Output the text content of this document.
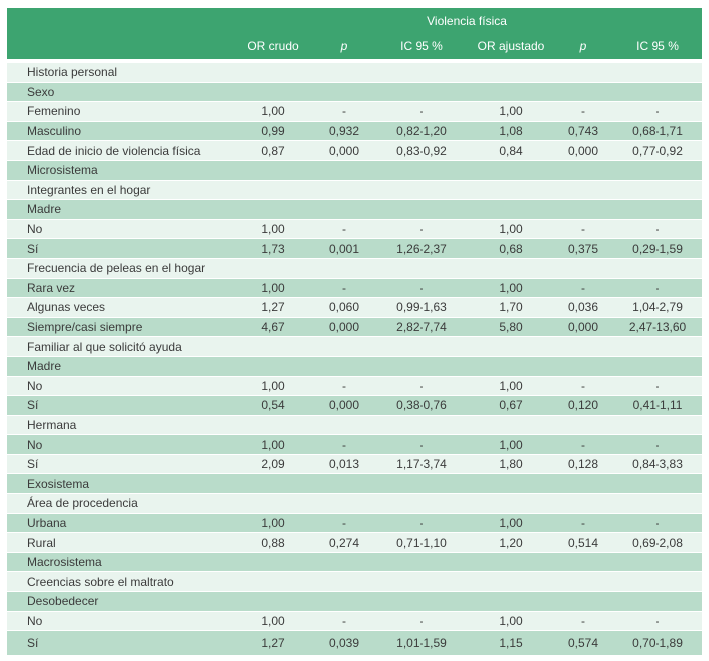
	Violencia física					
	OR crudo	p	IC 95 %	OR ajustado	p	IC 95 %
Historia personal						
Sexo						
Femenino	1,00	-	-	1,00	-	-
Masculino	0,99	0,932	0,82-1,20	1,08	0,743	0,68-1,71
Edad de inicio de violencia física	0,87	0,000	0,83-0,92	0,84	0,000	0,77-0,92
Microsistema						
Integrantes en el hogar						
Madre						
No	1,00	-	-	1,00	-	-
Sí	1,73	0,001	1,26-2,37	0,68	0,375	0,29-1,59
Frecuencia de peleas en el hogar						
Rara vez	1,00	-	-	1,00	-	-
Algunas veces	1,27	0,060	0,99-1,63	1,70	0,036	1,04-2,79
Siempre/casi siempre	4,67	0,000	2,82-7,74	5,80	0,000	2,47-13,60
Familiar al que solicitó ayuda						
Madre						
No	1,00	-	-	1,00	-	-
Sí	0,54	0,000	0,38-0,76	0,67	0,120	0,41-1,11
Hermana						
No	1,00	-	-	1,00	-	-
Sí	2,09	0,013	1,17-3,74	1,80	0,128	0,84-3,83
Exosistema						
Área de procedencia						
Urbana	1,00	-	-	1,00	-	-
Rural	0,88	0,274	0,71-1,10	1,20	0,514	0,69-2,08
Macrosistema						
Creencias sobre el maltrato						
Desobedecer						
No	1,00	-	-	1,00	-	-
Sí	1,27	0,039	1,01-1,59	1,15	0,574	0,70-1,89
